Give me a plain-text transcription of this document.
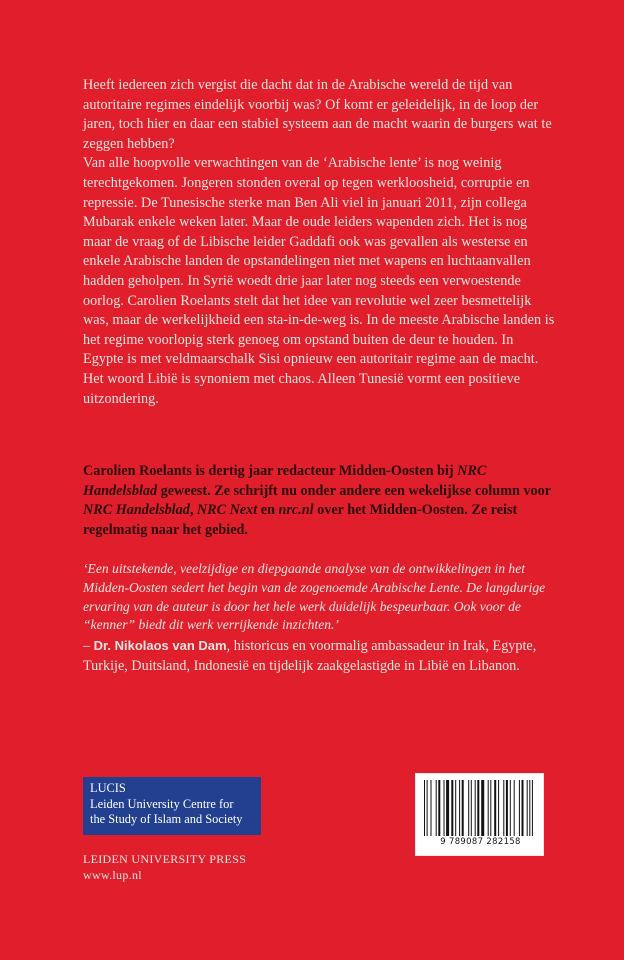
Heeft iedereen zich vergist die dacht dat in de Arabische wereld de tijd van autoritaire regimes eindelijk voorbij was? Of komt er geleidelijk, in de loop der jaren, toch hier en daar een stabiel systeem aan de macht waarin de burgers wat te zeggen hebben?

Van alle hoopvolle verwachtingen van de ‘Arabische lente’ is nog weinig terechtgekomen. Jongeren stonden overal op tegen werkloosheid, corruptie en repressie. De Tunesische sterke man Ben Ali viel in januari 2011, zijn collega Mubarak enkele weken later. Maar de oude leiders wapenden zich. Het is nog maar de vraag of de Libische leider Gaddafi ook was gevallen als westerse en enkele Arabische landen de opstandelingen niet met wapens en luchtaanvallen hadden geholpen. In Syrië woedt drie jaar later nog steeds een verwoestende oorlog. Carolien Roelants stelt dat het idee van revolutie wel zeer besmettelijk was, maar de werkelijkheid een sta-in-de-weg is. In de meeste Arabische landen is het regime voorlopig sterk genoeg om opstand buiten de deur te houden. In Egypte is met veldmaarschalk Sisi opnieuw een autoritair regime aan de macht. Het woord Libië is synoniem met chaos. Alleen Tunesië vormt een positieve uitzondering.

Carolien Roelants is dertig jaar redacteur Midden-Oosten bij NRC Handelsblad geweest. Ze schrijft nu onder andere een wekelijkse column voor NRC Handelsblad, NRC Next en nrc.nl over het Midden-Oosten. Ze reist regelmatig naar het gebied.
‘Een uitstekende, veelzijdige en diepgaande analyse van de ontwikkelingen in het Midden-Oosten sedert het begin van de zogenoemde Arabische Lente. De langdurige ervaring van de auteur is door het hele werk duidelijk bespeurbaar. Ook voor de “kenner” biedt dit werk verrijkende inzichten.’
– Dr. Nikolaos van Dam, historicus en voormalig ambassadeur in Irak, Egypte, Turkije, Duitsland, Indonesië en tijdelijk zaakgelastigde in Libië en Libanon.
LUCIS
Leiden University Centre for
the Study of Islam and Society
LEIDEN UNIVERSITY PRESS
www.lup.nl
9 789087 282158
